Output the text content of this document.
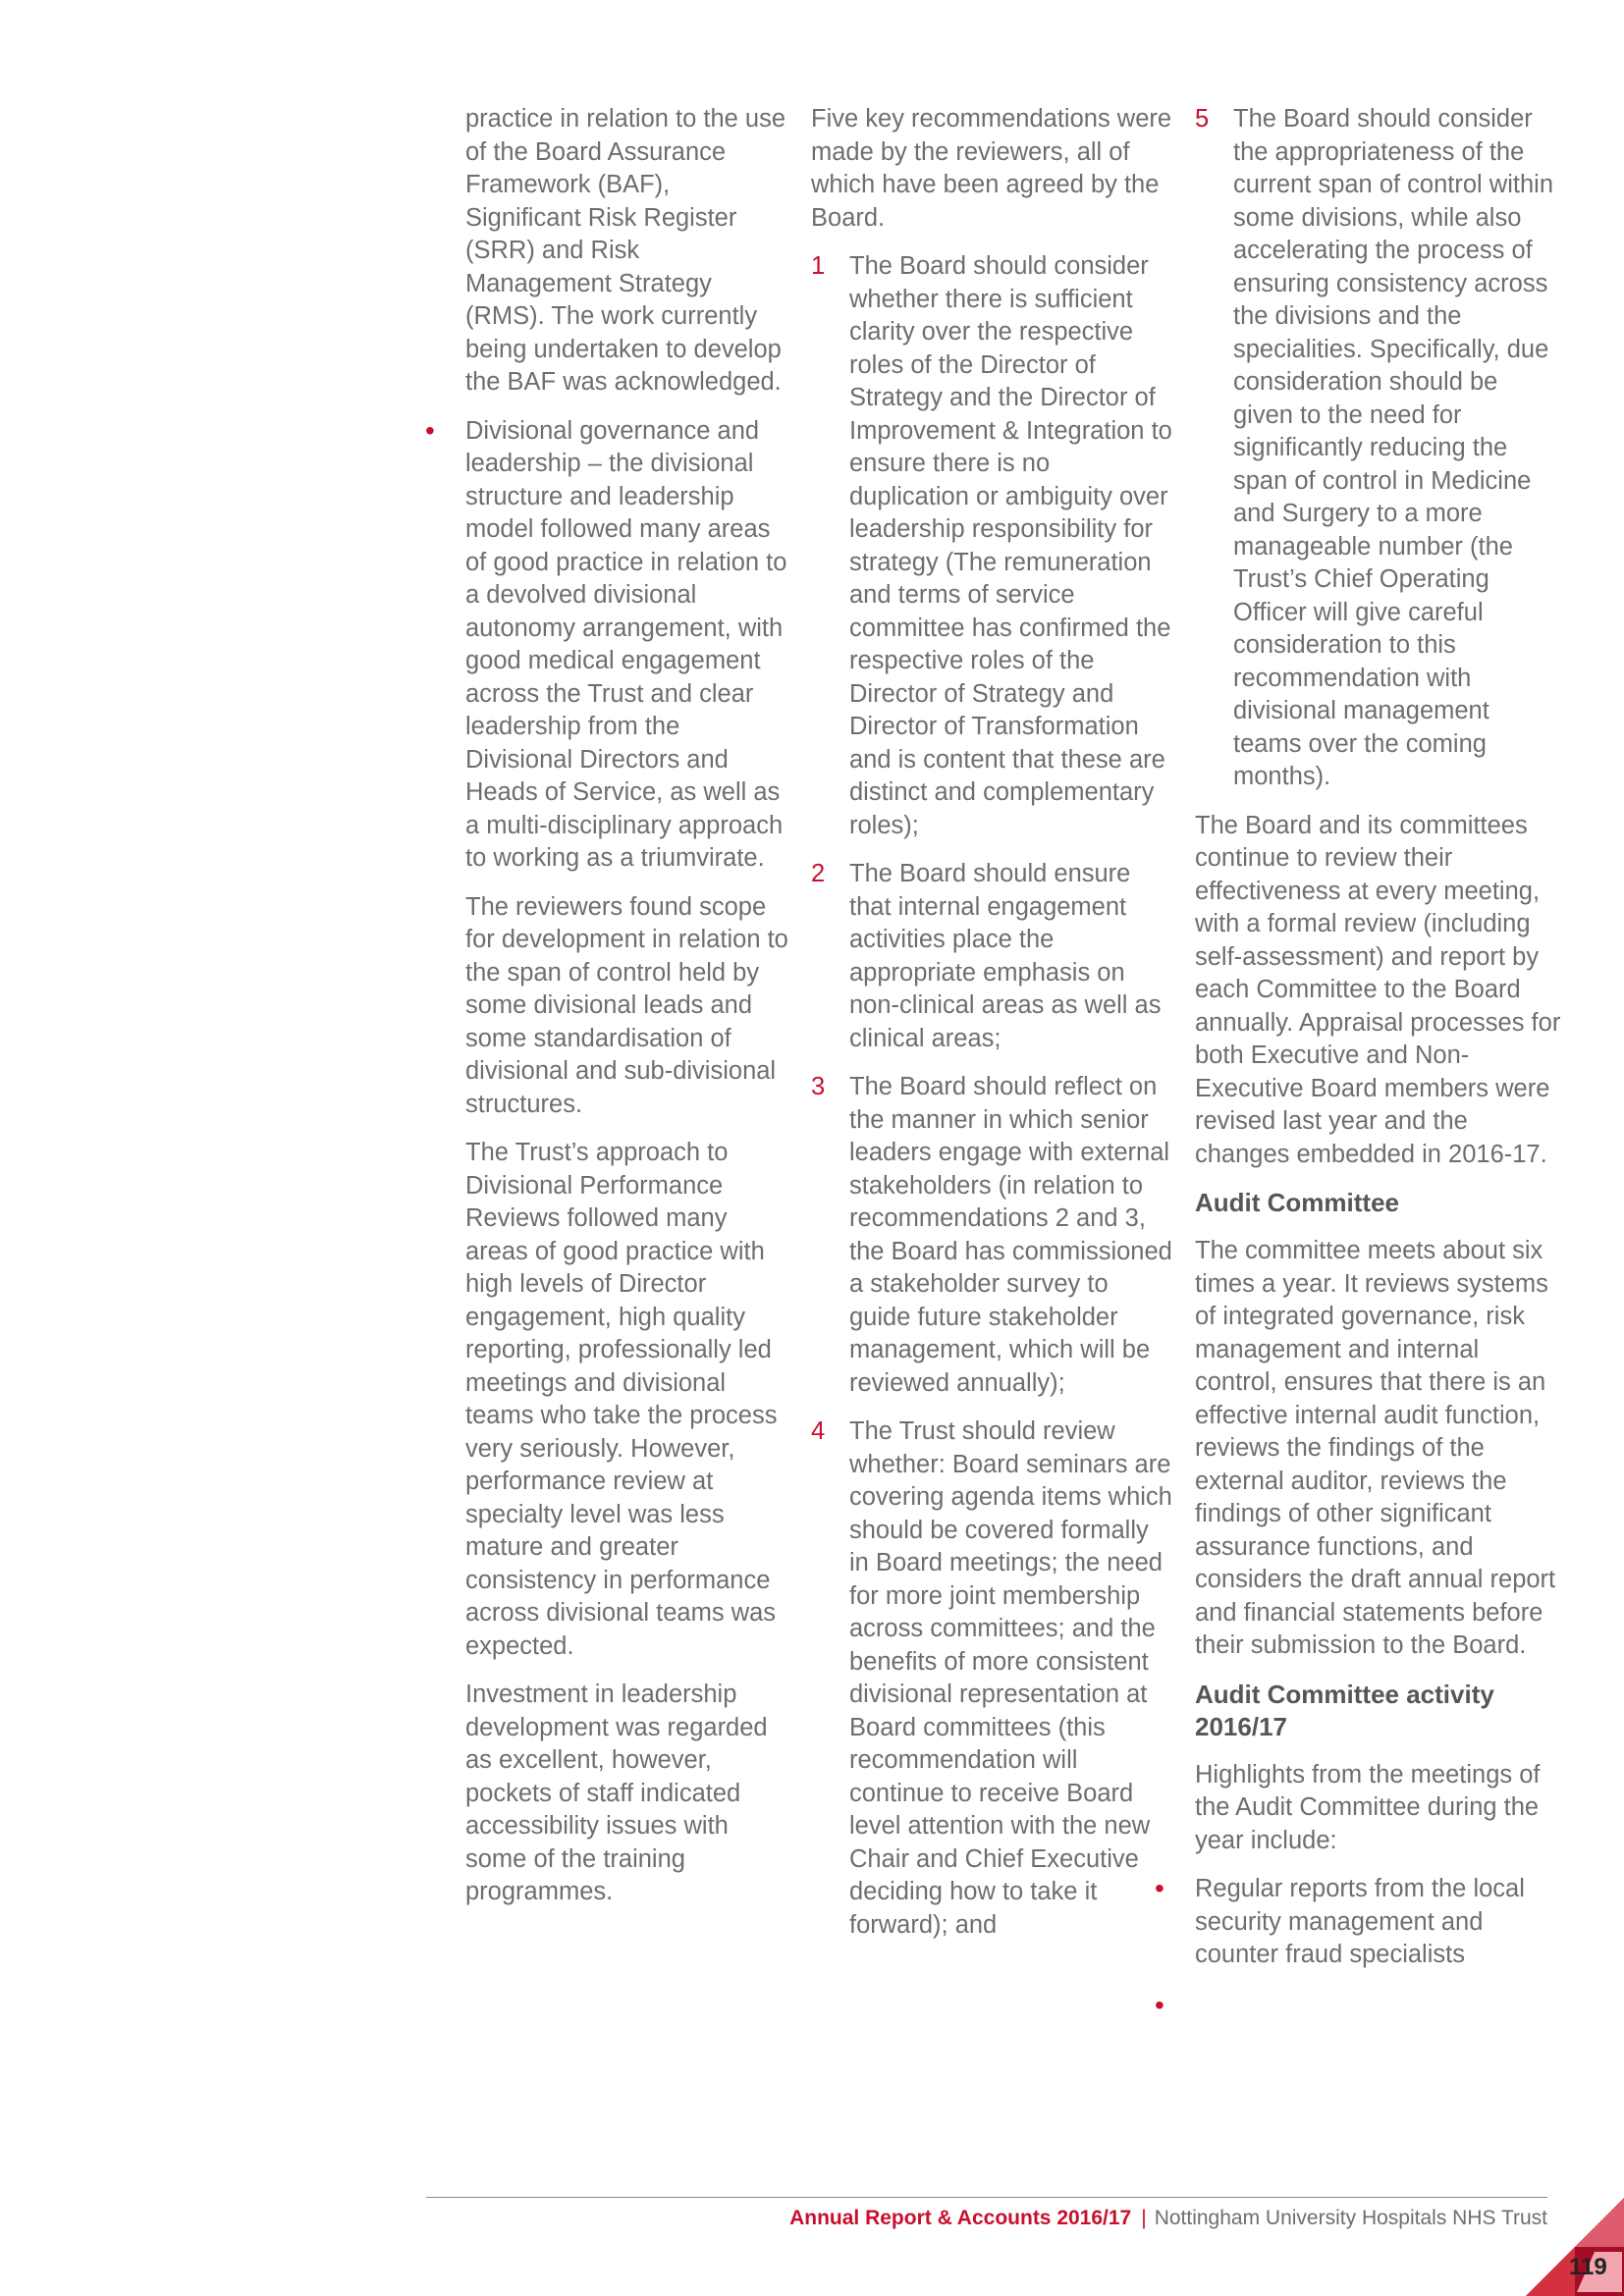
practice in relation to the use of the Board Assurance Framework (BAF), Significant Risk Register (SRR) and Risk Management Strategy (RMS). The work currently being undertaken to develop the BAF was acknowledged.

• Divisional governance and leadership – the divisional structure and leadership model followed many areas of good practice in relation to a devolved divisional autonomy arrangement, with good medical engagement across the Trust and clear leadership from the Divisional Directors and Heads of Service, as well as a multi-disciplinary approach to working as a triumvirate.

The reviewers found scope for development in relation to the span of control held by some divisional leads and some standardisation of divisional and sub-divisional structures.

The Trust’s approach to Divisional Performance Reviews followed many areas of good practice with high levels of Director engagement, high quality reporting, professionally led meetings and divisional teams who take the process very seriously. However, performance review at specialty level was less mature and greater consistency in performance across divisional teams was expected.

Investment in leadership development was regarded as excellent, however, pockets of staff indicated accessibility issues with some of the training programmes.

Five key recommendations were made by the reviewers, all of which have been agreed by the Board.

1 The Board should consider whether there is sufficient clarity over the respective roles of the Director of Strategy and the Director of Improvement & Integration to ensure there is no duplication or ambiguity over leadership responsibility for strategy (The remuneration and terms of service committee has confirmed the respective roles of the Director of Strategy and Director of Transformation and is content that these are distinct and complementary roles);
2 The Board should ensure that internal engagement activities place the appropriate emphasis on non-clinical areas as well as clinical areas;
3 The Board should reflect on the manner in which senior leaders engage with external stakeholders (in relation to recommendations 2 and 3, the Board has commissioned a stakeholder survey to guide future stakeholder management, which will be reviewed annually);
4 The Trust should review whether: Board seminars are covering agenda items which should be covered formally in Board meetings; the need for more joint membership across committees; and the benefits of more consistent divisional representation at Board committees (this recommendation will continue to receive Board level attention with the new Chair and Chief Executive deciding how to take it forward); and
5 The Board should consider the appropriateness of the current span of control within some divisions, while also accelerating the process of ensuring consistency across the divisions and the specialities. Specifically, due consideration should be given to the need for significantly reducing the span of control in Medicine and Surgery to a more manageable number (the Trust’s Chief Operating Officer will give careful consideration to this recommendation with divisional management teams over the coming months).

The Board and its committees continue to review their effectiveness at every meeting, with a formal review (including self-assessment) and report by each Committee to the Board annually. Appraisal processes for both Executive and Non-Executive Board members were revised last year and the changes embedded in 2016-17.

Audit Committee

The committee meets about six times a year. It reviews systems of integrated governance, risk management and internal control, ensures that there is an effective internal audit function, reviews the findings of the external auditor, reviews the findings of other significant assurance functions, and considers the draft annual report and financial statements before their submission to the Board.

Audit Committee activity 2016/17

Highlights from the meetings of the Audit Committee during the year include:

• Regular reports from the local security management and counter fraud specialists
•
Annual Report & Accounts 2016/17 | Nottingham University Hospitals NHS Trust
119
